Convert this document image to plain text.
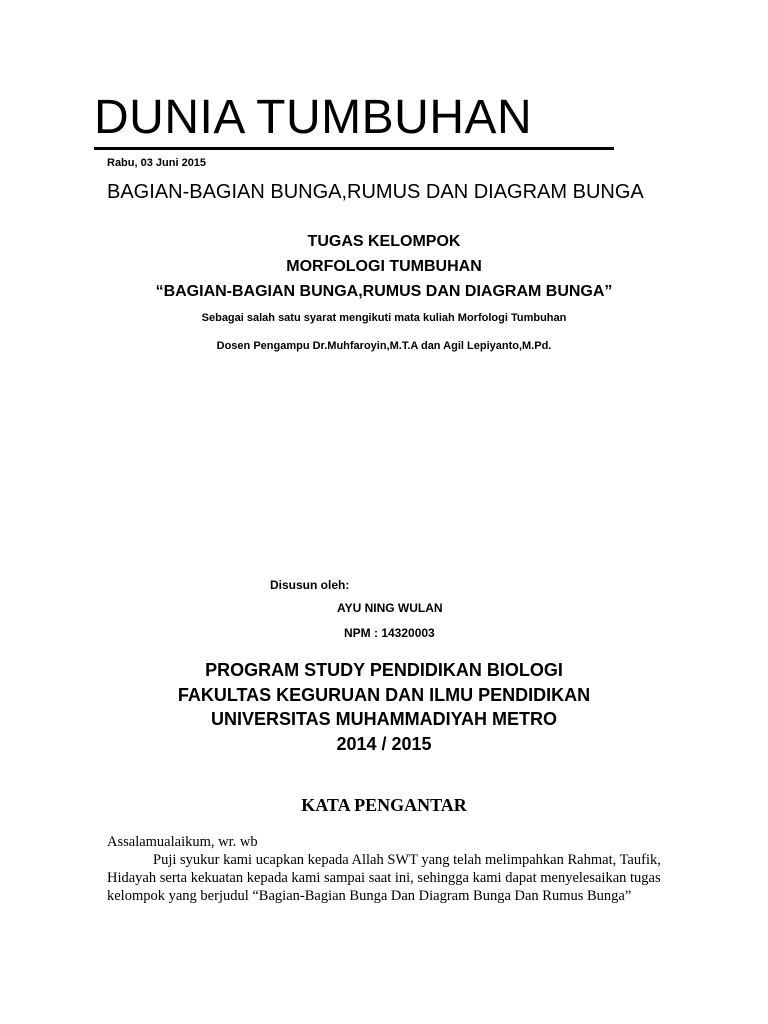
DUNIA TUMBUHAN
Rabu, 03 Juni 2015
BAGIAN-BAGIAN BUNGA,RUMUS DAN DIAGRAM BUNGA
TUGAS KELOMPOK
MORFOLOGI TUMBUHAN
“BAGIAN-BAGIAN BUNGA,RUMUS DAN DIAGRAM BUNGA”
Sebagai salah satu syarat mengikuti mata kuliah Morfologi Tumbuhan
Dosen Pengampu Dr.Muhfaroyin,M.T.A dan Agil Lepiyanto,M.Pd.
Disusun oleh:
AYU NING WULAN
NPM : 14320003
PROGRAM STUDY PENDIDIKAN BIOLOGI
FAKULTAS KEGURUAN DAN ILMU PENDIDIKAN
UNIVERSITAS MUHAMMADIYAH METRO
2014 / 2015
KATA PENGANTAR

Assalamualaikum, wr. wb

Puji syukur kami ucapkan kepada Allah SWT yang telah melimpahkan Rahmat, Taufik, Hidayah serta kekuatan kepada kami sampai saat ini, sehingga kami dapat menyelesaikan tugas kelompok yang berjudul “Bagian-Bagian Bunga Dan Diagram Bunga Dan Rumus Bunga”
